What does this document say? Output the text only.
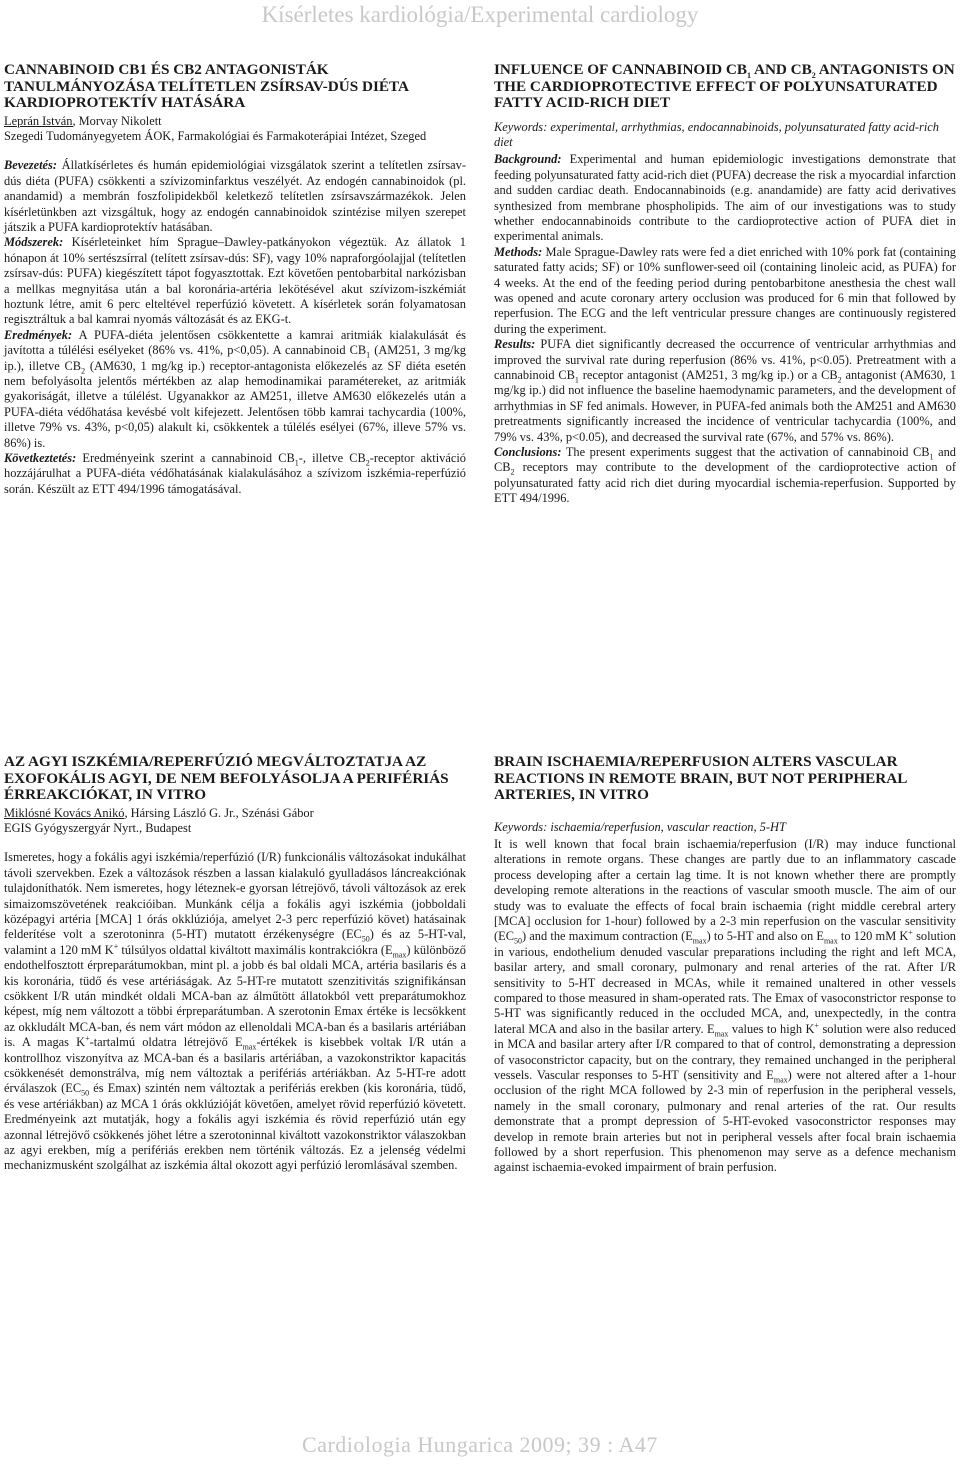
Kísérletes kardiológia/Experimental cardiology
CANNABINOID CB1 ÉS CB2 ANTAGONISTÁK TANULMÁNYOZÁSA TELÍTETLEN ZSÍRSAV-DÚS DIÉTA KARDIOPROTEKTÍV HATÁSÁRA
Leprán István, Morvay Nikolett
Szegedi Tudományegyetem ÁOK, Farmakológiai és Farmakoterápiai Intézet, Szeged

Bevezetés: Állatkísérletes és humán epidemiológiai vizsgálatok szerint a telítetlen zsírsav-dús diéta (PUFA) csökkenti a szívizominfarktus veszélyét. Az endogén cannabinoidok (pl. anandamid) a membrán foszfolipidekből keletkező telítetlen zsírsavszármazékok. Jelen kísérletünkben azt vizsgáltuk, hogy az endogén cannabinoidok szintézise milyen szerepet játszik a PUFA kardioprotektív hatásában.

Módszerek: Kísérleteinket hím Sprague–Dawley-patkányokon végeztük. Az állatok 1 hónapon át 10% sertészsírral (telített zsírsav-dús: SF), vagy 10% napraforgóolajjal (telítetlen zsírsav-dús: PUFA) kiegészített tápot fogyasztottak. Ezt követően pentobarbital narkózisban a mellkas megnyitása után a bal koronária-artéria lekötésével akut szívizom-iszkémiát hoztunk létre, amit 6 perc elteltével reperfúzió követett. A kísérletek során folyamatosan regisztráltuk a bal kamrai nyomás változását és az EKG-t.

Eredmények: A PUFA-diéta jelentősen csökkentette a kamrai aritmiák kialakulását és javította a túlélési esélyeket (86% vs. 41%, p<0,05). A cannabinoid $CB_1$ (AM251, 3 mg/kg ip.), illetve $CB_2$ (AM630, 1 mg/kg ip.) receptor-antagonista előkezelés az SF diéta esetén nem befolyásolta jelentős mértékben az alap hemodinamikai paramétereket, az aritmiák gyakoriságát, illetve a túlélést. Ugyanakkor az AM251, illetve AM630 előkezelés után a PUFA-diéta védőhatása kevésbé volt kifejezett. Jelentősen több kamrai tachycardia (100%, illetve 79% vs. 43%, p<0,05) alakult ki, csökkentek a túlélés esélyei (67%, illeve 57% vs. 86%) is.

Következtetés: Eredményeink szerint a cannabinoid $CB_1-$, illetve $CB_2$-receptor aktiváció hozzájárulhat a PUFA-diéta védőhatásának kialakulásához a szívizom iszkémia-reperfúzió során. Készült az ETT 494/1996 támogatásával.

INFLUENCE OF CANNABINOID $CB_1$ AND $CB_2$ ANTAGONISTS ON THE CARDIOPROTECTIVE EFFECT OF POLYUNSATURATED FATTY ACID-RICH DIET
Keywords: experimental, arrhythmias, endocannabinoids, polyunsaturated fatty acid-rich diet

Background: Experimental and human epidemiologic investigations demonstrate that feeding polyunsaturated fatty acid-rich diet (PUFA) decrease the risk a myocardial infarction and sudden cardiac death. Endocannabinoids (e.g. anandamide) are fatty acid derivatives synthesized from membrane phospholipids. The aim of our investigations was to study whether endocannabinoids contribute to the cardioprotective action of PUFA diet in experimental animals.

Methods: Male Sprague-Dawley rats were fed a diet enriched with 10% pork fat (containing saturated fatty acids; SF) or 10% sunflower-seed oil (containing linoleic acid, as PUFA) for 4 weeks. At the end of the feeding period during pentobarbitone anesthesia the chest wall was opened and acute coronary artery occlusion was produced for 6 min that followed by reperfusion. The ECG and the left ventricular pressure changes are continuously registered during the experiment.

Results: PUFA diet significantly decreased the occurrence of ventricular arrhythmias and improved the survival rate during reperfusion (86% vs. 41%, p<0.05). Pretreatment with a cannabinoid $CB_1$ receptor antagonist (AM251, 3 mg/kg ip.) or a $CB_2$ antagonist (AM630, 1 mg/kg ip.) did not influence the baseline haemodynamic parameters, and the development of arrhythmias in SF fed animals. However, in PUFA-fed animals both the AM251 and AM630 pretreatments significantly increased the incidence of ventricular tachycardia (100%, and 79% vs. 43%, p<0.05), and decreased the survival rate (67%, and 57% vs. 86%).

Conclusions: The present experiments suggest that the activation of cannabinoid $CB_1$ and $CB_2$ receptors may contribute to the development of the cardioprotective action of polyunsaturated fatty acid rich diet during myocardial ischemia-reperfusion. Supported by ETT 494/1996.

AZ AGYI ISZKÉMIA/REPERFÚZIÓ MEGVÁLTOZTATJA AZ EXOFOKÁLIS AGYI, DE NEM BEFOLYÁSOLJA A PERIFÉRIÁS ÉRREAKCIÓKAT, IN VITRO
Miklósné Kovács Anikó, Hársing László G. Jr., Szénási Gábor
EGIS Gyógyszergyár Nyrt., Budapest

Ismeretes, hogy a fokális agyi iszkémia/reperfúzió (I/R) funkcionális változásokat indukálhat távoli szervekben. Ezek a változások részben a lassan kialakuló gyulladásos láncreakciónak tulajdoníthatók. Nem ismeretes, hogy léteznek-e gyorsan létrejövő, távoli változások az erek simaizomszövetének reakcióiban. Munkánk célja a fokális agyi iszkémia (jobboldali középagyi artéria [MCA] 1 órás okklúziója, amelyet 2-3 perc reperfúzió követ) hatásainak felderítése volt a szerotoninra (5-HT) mutatott érzékenységre $(EC_{50})$ és az 5-HT-val, valamint a 120 mM K+ túlsúlyos oldattal kiváltott maximális kontrakciókra $(E_{max})$ különböző endothelfosztott érpreparátumokban, mint pl. a jobb és bal oldali MCA, artéria basilaris és a kis koronária, tüdő és vese artériáságak. Az 5-HT-re mutatott szenzitivitás szignifikánsan csökkent I/R után mindkét oldali MCA-ban az álműtött állatokból vett preparátumokhoz képest, míg nem változott a többi érpreparátumban. A szerotonin Emax értéke is lecsökkent az okkludált MCA-ban, és nem várt módon az ellenoldali MCA-ban és a basilaris artériában is. A magas K+-tartalmú oldatra létrejövő $E_{max}$-értékek is kisebbek voltak I/R után a kontrollhoz viszonyítva az MCA-ban és a basilaris artériában, a vazokonstriktor kapacitás csökkenését demonstrálva, míg nem változtak a perifériás artériákban. Az 5-HT-re adott érválaszok ($EC_{50}$ és Emax) szintén nem változtak a perifériás erekben (kis koronária, tüdő, és vese artériákban) az MCA 1 órás okklúzióját követően, amelyet rövid reperfúzió követett. Eredményeink azt mutatják, hogy a fokális agyi iszkémia és rövid reperfúzió után egy azonnal létrejövő csökkenés jöhet létre a szerotoninnal kiváltott vazokonstriktor válaszokban az agyi erekben, míg a perifériás erekben nem történik változás. Ez a jelenség védelmi mechanizmusként szolgálhat az iszkémia által okozott agyi perfúzió leromlásával szemben.

BRAIN ISCHAEMIA/REPERFUSION ALTERS VASCULAR REACTIONS IN REMOTE BRAIN, BUT NOT PERIPHERAL ARTERIES, IN VITRO
Keywords: ischaemia/reperfusion, vascular reaction, 5-HT

It is well known that focal brain ischaemia/reperfusion (I/R) may induce functional alterations in remote organs. These changes are partly due to an inflammatory cascade process developing after a certain lag time. It is not known whether there are promptly developing remote alterations in the reactions of vascular smooth muscle. The aim of our study was to evaluate the effects of focal brain ischaemia (right middle cerebral artery [MCA] occlusion for 1-hour) followed by a 2-3 min reperfusion on the vascular sensitivity $(EC_{50})$ and the maximum contraction $(E_{max})$ to 5-HT and also on $E_{max}$ to 120 mM K+ solution in various, endothelium denuded vascular preparations including the right and left MCA, basilar artery, and small coronary, pulmonary and renal arteries of the rat. After I/R sensitivity to 5-HT decreased in MCAs, while it remained unaltered in other vessels compared to those measured in sham-operated rats. The Emax of vasoconstrictor response to 5-HT was significantly reduced in the occluded MCA, and, unexpectedly, in the contra lateral MCA and also in the basilar artery. $E_{max}$ values to high K+ solution were also reduced in MCA and basilar artery after I/R compared to that of control, demonstrating a depression of vasoconstrictor capacity, but on the contrary, they remained unchanged in the peripheral vessels. Vascular responses to 5-HT (sensitivity and $E_{max}$) were not altered after a 1-hour occlusion of the right MCA followed by 2-3 min of reperfusion in the peripheral vessels, namely in the small coronary, pulmonary and renal arteries of the rat. Our results demonstrate that a prompt depression of 5-HT-evoked vasoconstrictor responses may develop in remote brain arteries but not in peripheral vessels after focal brain ischaemia followed by a short reperfusion. This phenomenon may serve as a defence mechanism against ischaemia-evoked impairment of brain perfusion.

Cardiologia Hungarica 2009; 39 : A47
